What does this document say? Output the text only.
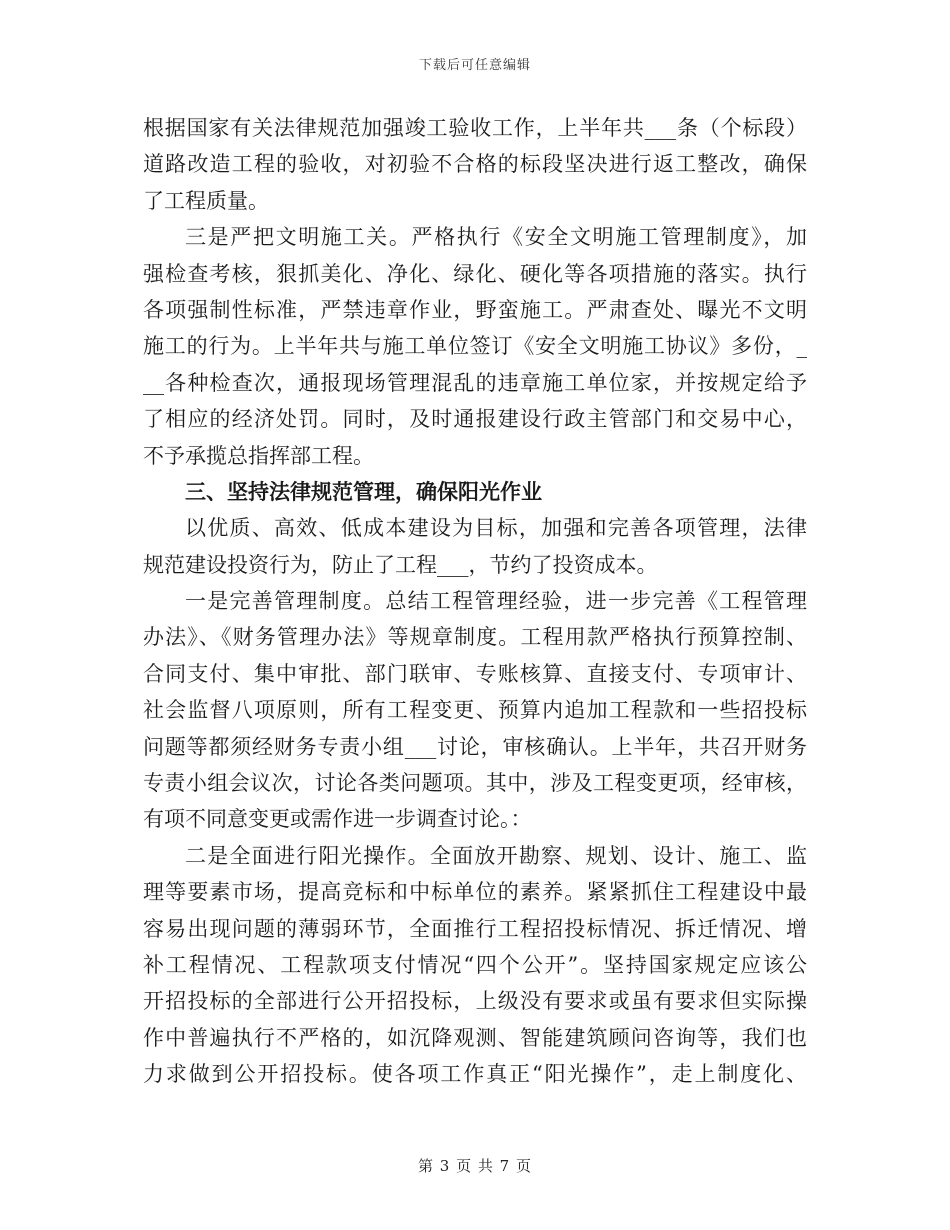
下载后可任意编辑
根据国家有关法律规范加强竣工验收工作，上半年共___条（个标段）
道路改造工程的验收，对初验不合格的标段坚决进行返工整改，确保
了工程质量。
三是严把文明施工关。严格执行《安全文明施工管理制度》，加
强检查考核，狠抓美化、净化、绿化、硬化等各项措施的落实。执行
各项强制性标准，严禁违章作业，野蛮施工。严肃查处、曝光不文明
施工的行为。上半年共与施工单位签订《安全文明施工协议》多份，_
__各种检查次，通报现场管理混乱的违章施工单位家，并按规定给予
了相应的经济处罚。同时，及时通报建设行政主管部门和交易中心，
不予承揽总指挥部工程。
三、坚持法律规范管理，确保阳光作业
以优质、高效、低成本建设为目标，加强和完善各项管理，法律
规范建设投资行为，防止了工程___，节约了投资成本。
一是完善管理制度。总结工程管理经验，进一步完善《工程管理
办法》、《财务管理办法》等规章制度。工程用款严格执行预算控制、
合同支付、集中审批、部门联审、专账核算、直接支付、专项审计、
社会监督八项原则，所有工程变更、预算内追加工程款和一些招投标
问题等都须经财务专责小组___讨论，审核确认。上半年，共召开财务
专责小组会议次，讨论各类问题项。其中，涉及工程变更项，经审核，
有项不同意变更或需作进一步调查讨论。：
二是全面进行阳光操作。全面放开勘察、规划、设计、施工、监
理等要素市场，提高竞标和中标单位的素养。紧紧抓住工程建设中最
容易出现问题的薄弱环节，全面推行工程招投标情况、拆迁情况、增
补工程情况、工程款项支付情况“四个公开”。坚持国家规定应该公
开招投标的全部进行公开招投标，上级没有要求或虽有要求但实际操
作中普遍执行不严格的，如沉降观测、智能建筑顾问咨询等，我们也
力求做到公开招投标。使各项工作真正“阳光操作”，走上制度化、
第 3 页 共 7 页
